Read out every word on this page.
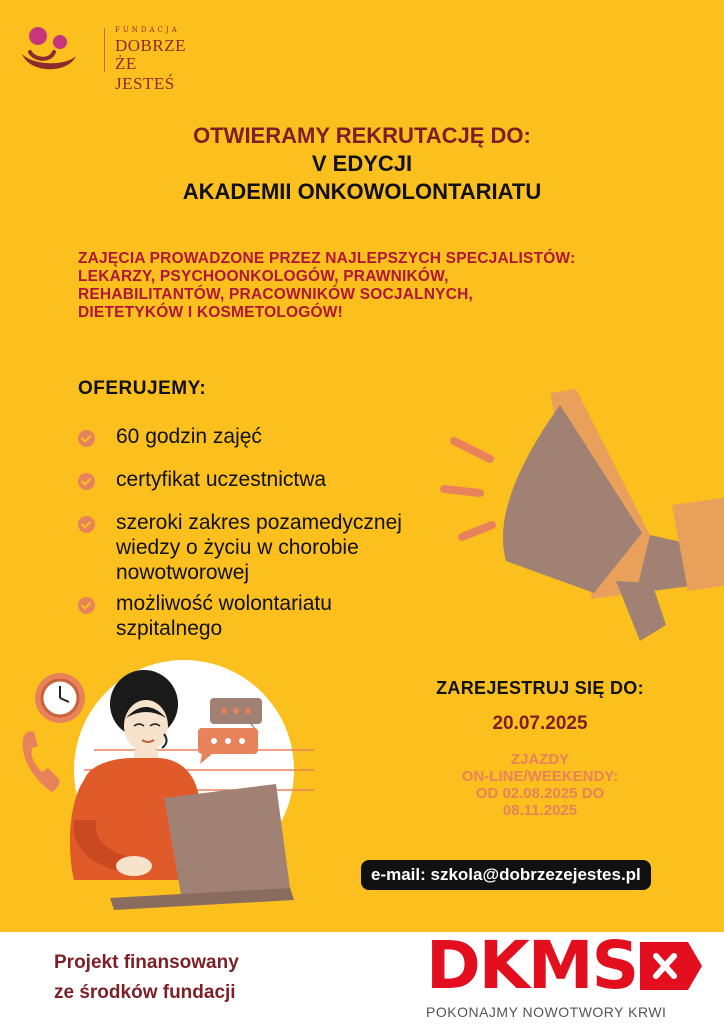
FUNDACJA
DOBRZE
ŻE JESTEŚ
OTWIERAMY REKRUTACJĘ DO:
V EDYCJI
AKADEMII ONKOWOLONTARIATU
ZAJĘCIA PROWADZONE PRZEZ NAJLEPSZYCH SPECJALISTÓW:
LEKARZY, PSYCHOONKOLOGÓW, PRAWNIKÓW,
REHABILITANTÓW, PRACOWNIKÓW SOCJALNYCH,
DIETETYKÓW I KOSMETOLOGÓW!
OFERUJEMY:
60 godzin zajęć
certyfikat uczestnictwa
szeroki zakres pozamedycznej
wiedzy o życiu w chorobie
nowotworowej
możliwość wolontariatu
szpitalnego
ZAREJESTRUJ SIĘ DO:
20.07.2025
ZJAZDY
ON-LINE/WEEKENDY:
OD 02.08.2025 DO
08.11.2025
e-mail: szkola@dobrzezejestes.pl
Projekt finansowany
ze środków fundacji	DKMS
POKONAJMY NOWOTWORY KRWI
